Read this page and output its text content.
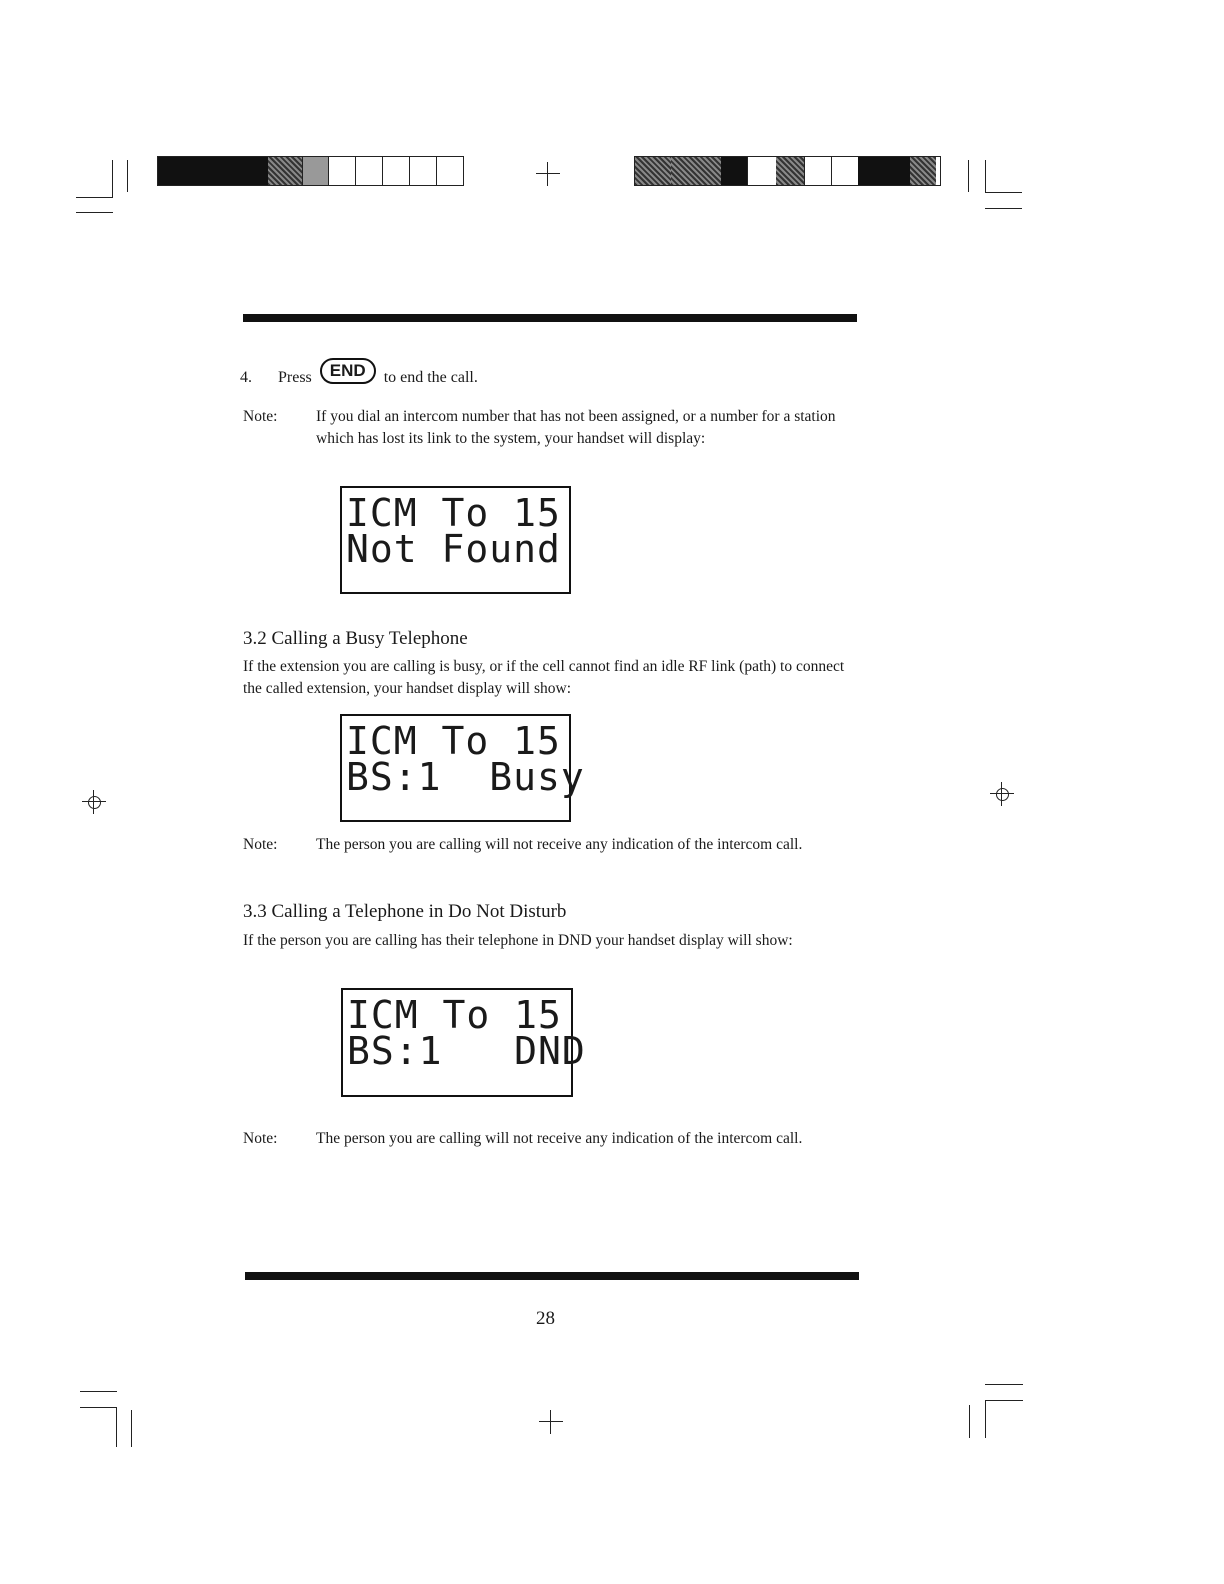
4. Press END to end the call.
Note: If you dial an intercom number that has not been assigned, or a number for a station which has lost its link to the system, your handset will display:
ICM To 15
Not Found
3.2 Calling a Busy Telephone
If the extension you are calling is busy, or if the cell cannot find an idle RF link (path) to connect the called extension, your handset display will show:
ICM To 15
BS:1  Busy
Note: The person you are calling will not receive any indication of the intercom call.
3.3 Calling a Telephone in Do Not Disturb
If the person you are calling has their telephone in DND your handset display will show:
ICM To 15
BS:1   DND
Note: The person you are calling will not receive any indication of the intercom call.
28
